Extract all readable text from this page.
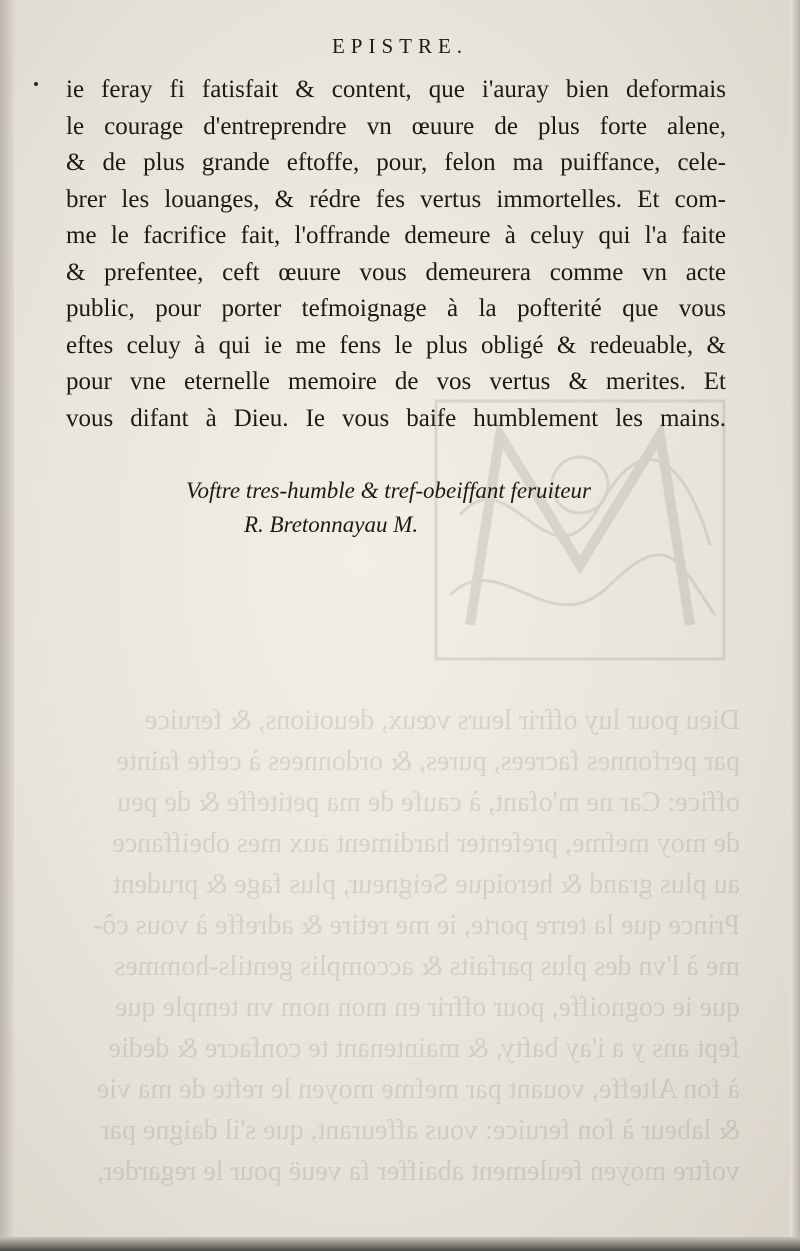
Dieu pour luy offrir leurs vœux, deuotions, & feruice
par perfonnes facrees, pures, & ordonnees à cefte fainte
office: Car ne m'ofant, à caufe de ma petiteffe & de peu
de moy mefme, prefenter hardiment aux mes obeiffance
au plus grand & heroique Seigneur, plus fage & prudent
Prince que la terre porte, ie me retire & adreffe à vous cô-
me à l'vn des plus parfaits & accomplis gentils-hommes
que ie cognoiffe, pour offrir en mon nom vn temple que
fept ans y a i'ay bafty, & maintenant te confacre & dedie
à fon Alteffe, vouant par mefme moyen le refte de ma vie
& labeur à fon feruice: vous affeurant, que s'il daigne par
voftre moyen feulement abaiffer fa veuë pour le regarder,
EPISTRE.
ie feray fi fatisfait & content, que i'auray bien deformais
le courage d'entreprendre vn œuure de plus forte alene,
& de plus grande eftoffe, pour, felon ma puiffance, cele-
brer les louanges, & rédre fes vertus immortelles. Et com-
me le facrifice fait, l'offrande demeure à celuy qui l'a faite
& prefentee, ceft œuure vous demeurera comme vn acte
public, pour porter tefmoignage à la pofterité que vous
eftes celuy à qui ie me fens le plus obligé & redeuable, &
pour vne eternelle memoire de vos vertus & merites. Et
vous difant à Dieu. Ie vous baife humblement les mains.
Voftre tres-humble & tref-obeiffant feruiteur
R. Bretonnayau M.
